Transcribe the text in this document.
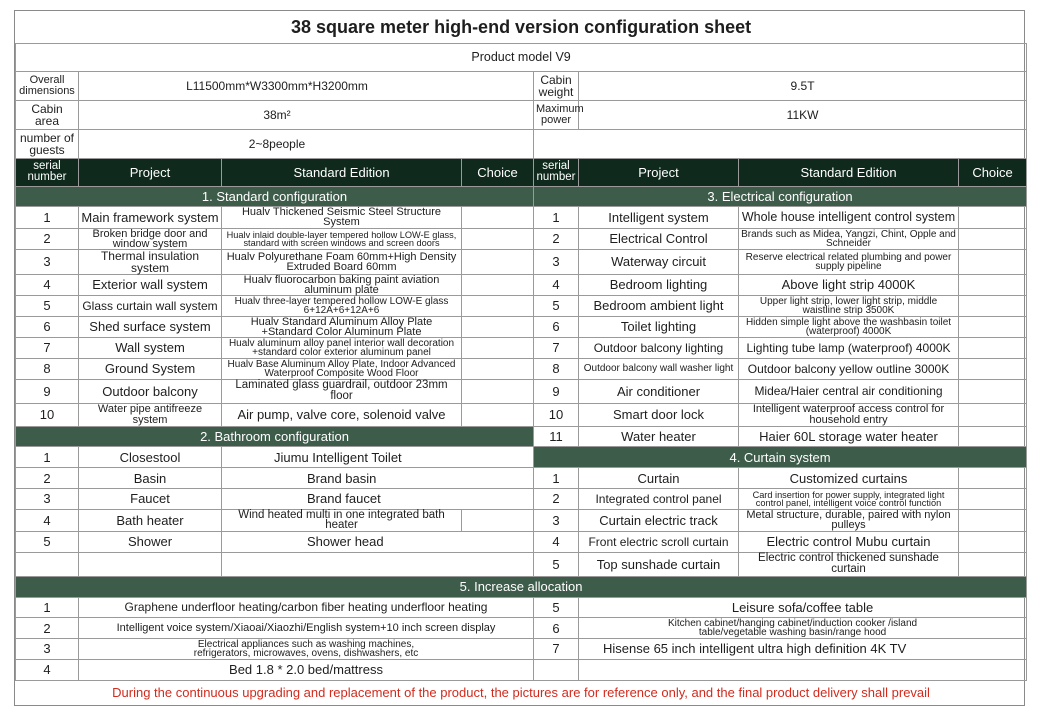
38 square meter high-end version configuration sheet							
Product model V9							
Overall dimensions	L11500mm*W3300mm*H3200mm			Cabin weight	9.5T		
Cabin area	38m²			Maximum power	11KW		
number of guests	2~8people						
serial number	Project	Standard Edition	Choice	serial number	Project	Standard Edition	Choice
1. Standard configuration				3. Electrical configuration			
1	Main framework system	Hualv Thickened Seismic Steel Structure System		1	Intelligent system	Whole house intelligent control system	
2	Broken bridge door and window system	Hualv inlaid double-layer tempered hollow LOW-E glass, standard with screen windows and screen doors		2	Electrical Control	Brands such as Midea, Yangzi, Chint, Opple and Schneider	
3	Thermal insulation system	Hualv Polyurethane Foam 60mm+High Density Extruded Board 60mm		3	Waterway circuit	Reserve electrical related plumbing and power supply pipeline	
4	Exterior wall system	Hualv fluorocarbon baking paint aviation aluminum plate		4	Bedroom lighting	Above light strip 4000K	
5	Glass curtain wall system	Hualv three-layer tempered hollow LOW-E glass 6+12A+6+12A+6		5	Bedroom ambient light	Upper light strip, lower light strip, middle waistline strip 3500K	
6	Shed surface system	Hualv Standard Aluminum Alloy Plate +Standard Color Aluminum Plate		6	Toilet lighting	Hidden simple light above the washbasin toilet (waterproof) 4000K	
7	Wall system	Hualv aluminum alloy panel interior wall decoration +standard color exterior aluminum panel		7	Outdoor balcony lighting	Lighting tube lamp (waterproof) 4000K	
8	Ground System	Hualv Base Aluminum Alloy Plate, Indoor Advanced Waterproof Composite Wood Floor		8	Outdoor balcony wall washer light	Outdoor balcony yellow outline 3000K	
9	Outdoor balcony	Laminated glass guardrail, outdoor 23mm floor		9	Air conditioner	Midea/Haier central air conditioning	
10	Water pipe antifreeze system	Air pump, valve core, solenoid valve		10	Smart door lock	Intelligent waterproof access control for household entry	
2. Bathroom configuration				11	Water heater	Haier 60L storage water heater	
1	Closestool	Jiumu Intelligent Toilet		4. Curtain system			
2	Basin	Brand basin		1	Curtain	Customized curtains	
3	Faucet	Brand faucet		2	Integrated control panel	Card insertion for power supply, integrated light control panel, intelligent voice control function	
4	Bath heater	Wind heated multi in one integrated bath heater		3	Curtain electric track	Metal structure, durable, paired with nylon pulleys	
5	Shower	Shower head		4	Front electric scroll curtain	Electric control Mubu curtain	
				5	Top sunshade curtain	Electric control thickened sunshade curtain	
5. Increase allocation							
1	Graphene underfloor heating/carbon fiber heating underfloor heating			5	Leisure sofa/coffee table		
2	Intelligent voice system/Xiaoai/Xiaozhi/English system+10 inch screen display			6	Kitchen cabinet/hanging cabinet/induction cooker /island table/vegetable washing basin/range hood		
3	Electrical appliances such as washing machines, refrigerators, microwaves, ovens, dishwashers, etc			7	Hisense 65 inch intelligent ultra high definition 4K TV		
4	Bed 1.8 * 2.0 bed/mattress						
During the continuous upgrading and replacement of the product, the pictures are for reference only, and the final product delivery shall prevail							
